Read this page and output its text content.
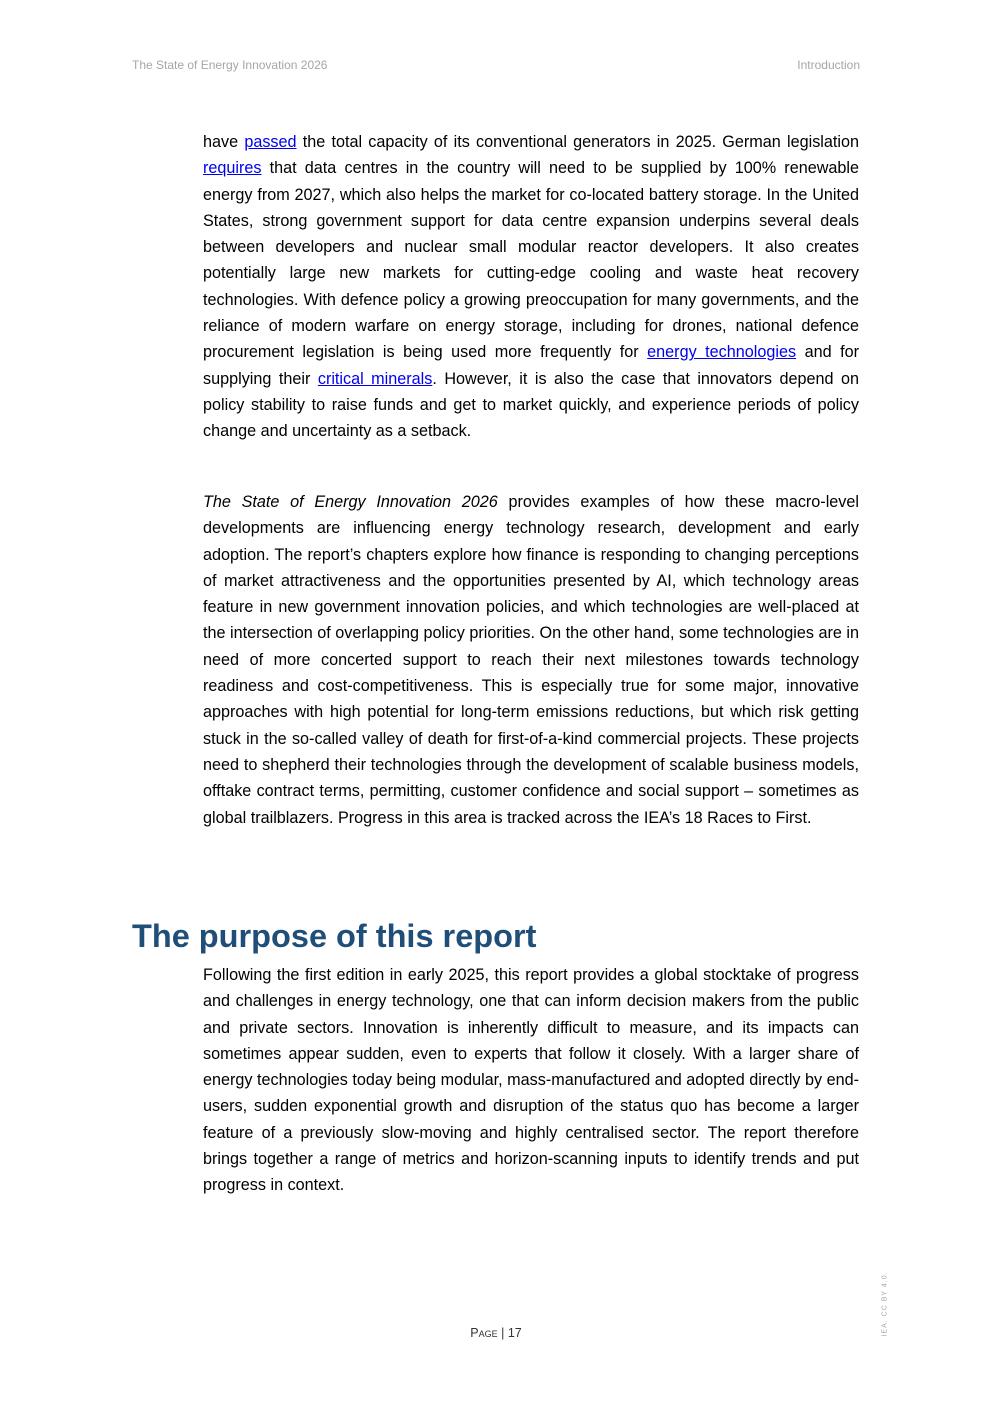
The State of Energy Innovation 2026	Introduction

have passed the total capacity of its conventional generators in 2025. German legislation requires that data centres in the country will need to be supplied by 100% renewable energy from 2027, which also helps the market for co-located battery storage. In the United States, strong government support for data centre expansion underpins several deals between developers and nuclear small modular reactor developers. It also creates potentially large new markets for cutting-edge cooling and waste heat recovery technologies. With defence policy a growing preoccupation for many governments, and the reliance of modern warfare on energy storage, including for drones, national defence procurement legislation is being used more frequently for energy technologies and for supplying their critical minerals. However, it is also the case that innovators depend on policy stability to raise funds and get to market quickly, and experience periods of policy change and uncertainty as a setback.

The State of Energy Innovation 2026 provides examples of how these macro-level developments are influencing energy technology research, development and early adoption. The report’s chapters explore how finance is responding to changing perceptions of market attractiveness and the opportunities presented by AI, which technology areas feature in new government innovation policies, and which technologies are well-placed at the intersection of overlapping policy priorities. On the other hand, some technologies are in need of more concerted support to reach their next milestones towards technology readiness and cost-competitiveness. This is especially true for some major, innovative approaches with high potential for long-term emissions reductions, but which risk getting stuck in the so-called valley of death for first-of-a-kind commercial projects. These projects need to shepherd their technologies through the development of scalable business models, offtake contract terms, permitting, customer confidence and social support – sometimes as global trailblazers. Progress in this area is tracked across the IEA’s 18 Races to First.

The purpose of this report

Following the first edition in early 2025, this report provides a global stocktake of progress and challenges in energy technology, one that can inform decision makers from the public and private sectors. Innovation is inherently difficult to measure, and its impacts can sometimes appear sudden, even to experts that follow it closely. With a larger share of energy technologies today being modular, mass-manufactured and adopted directly by end-users, sudden exponential growth and disruption of the status quo has become a larger feature of a previously slow-moving and highly centralised sector. The report therefore brings together a range of metrics and horizon-scanning inputs to identify trends and put progress in context.

Page | 17	IEA. CC BY 4.0.
